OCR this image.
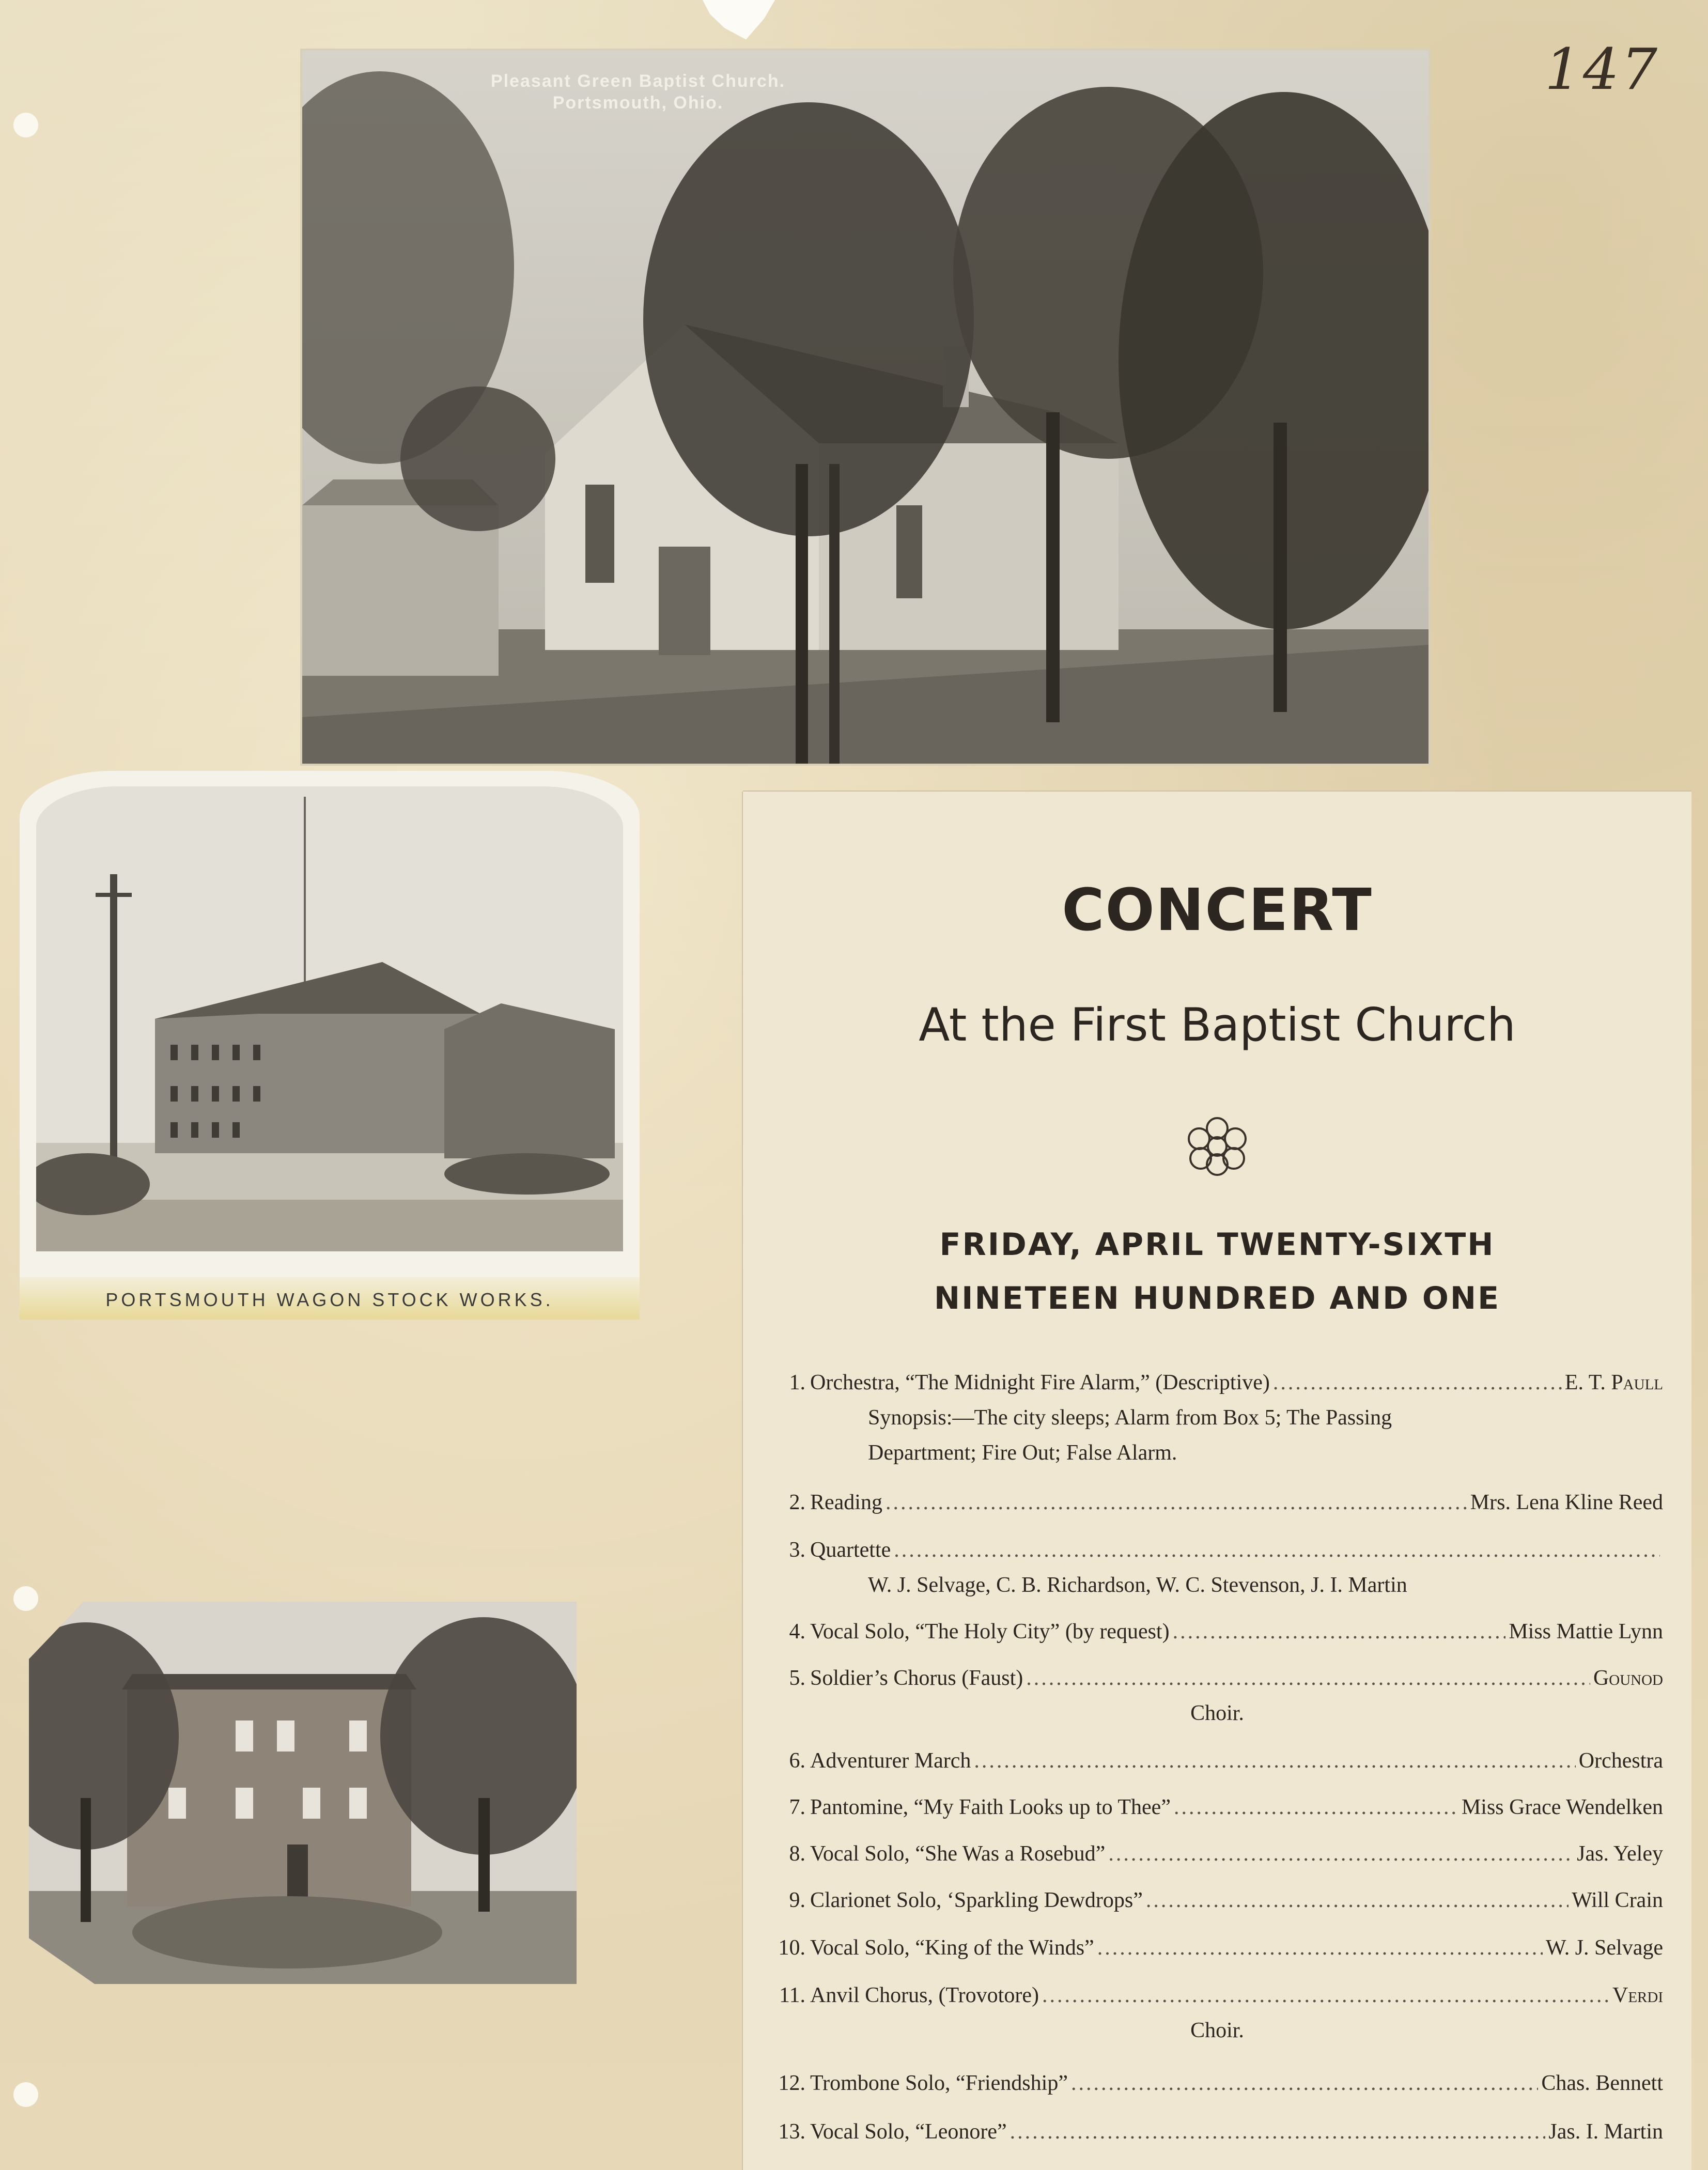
147
Pleasant Green Baptist Church.
Portsmouth, Ohio.
PORTSMOUTH WAGON STOCK WORKS.
CONCERT
At the First Baptist Church
FRIDAY, APRIL TWENTY-SIXTH
NINETEEN HUNDRED AND ONE
1. Orchestra, “The Midnight Fire Alarm,” (Descriptive) .....	E. T. Paull
Synopsis:—The city sleeps; Alarm from Box 5; The Passing
Department; Fire Out; False Alarm.
2. Reading .....	Mrs. Lena Kline Reed
3. Quartette
.....
W. J. Selvage, C. B. Richardson, W. C. Stevenson, J. I. Martin
4. Vocal Solo, “The Holy City” (by request) .....	Miss Mattie Lynn
5. Soldier’s Chorus (Faust) .....	Gounod
Choir.
6. Adventurer March .....	Orchestra
7. Pantomine, “My Faith Looks up to Thee” .....	Miss Grace Wendelken
8. Vocal Solo, “She Was a Rosebud” .....	Jas. Yeley
9. Clarionet Solo, ‘Sparkling Dewdrops” .....	Will Crain
10. Vocal Solo, “King of the Winds” .....	W. J. Selvage
11. Anvil Chorus, (Trovotore) .....	Verdi
Choir.
12. Trombone Solo, “Friendship” .....	Chas. Bennett
13. Vocal Solo, “Leonore” .....	Jas. I. Martin
